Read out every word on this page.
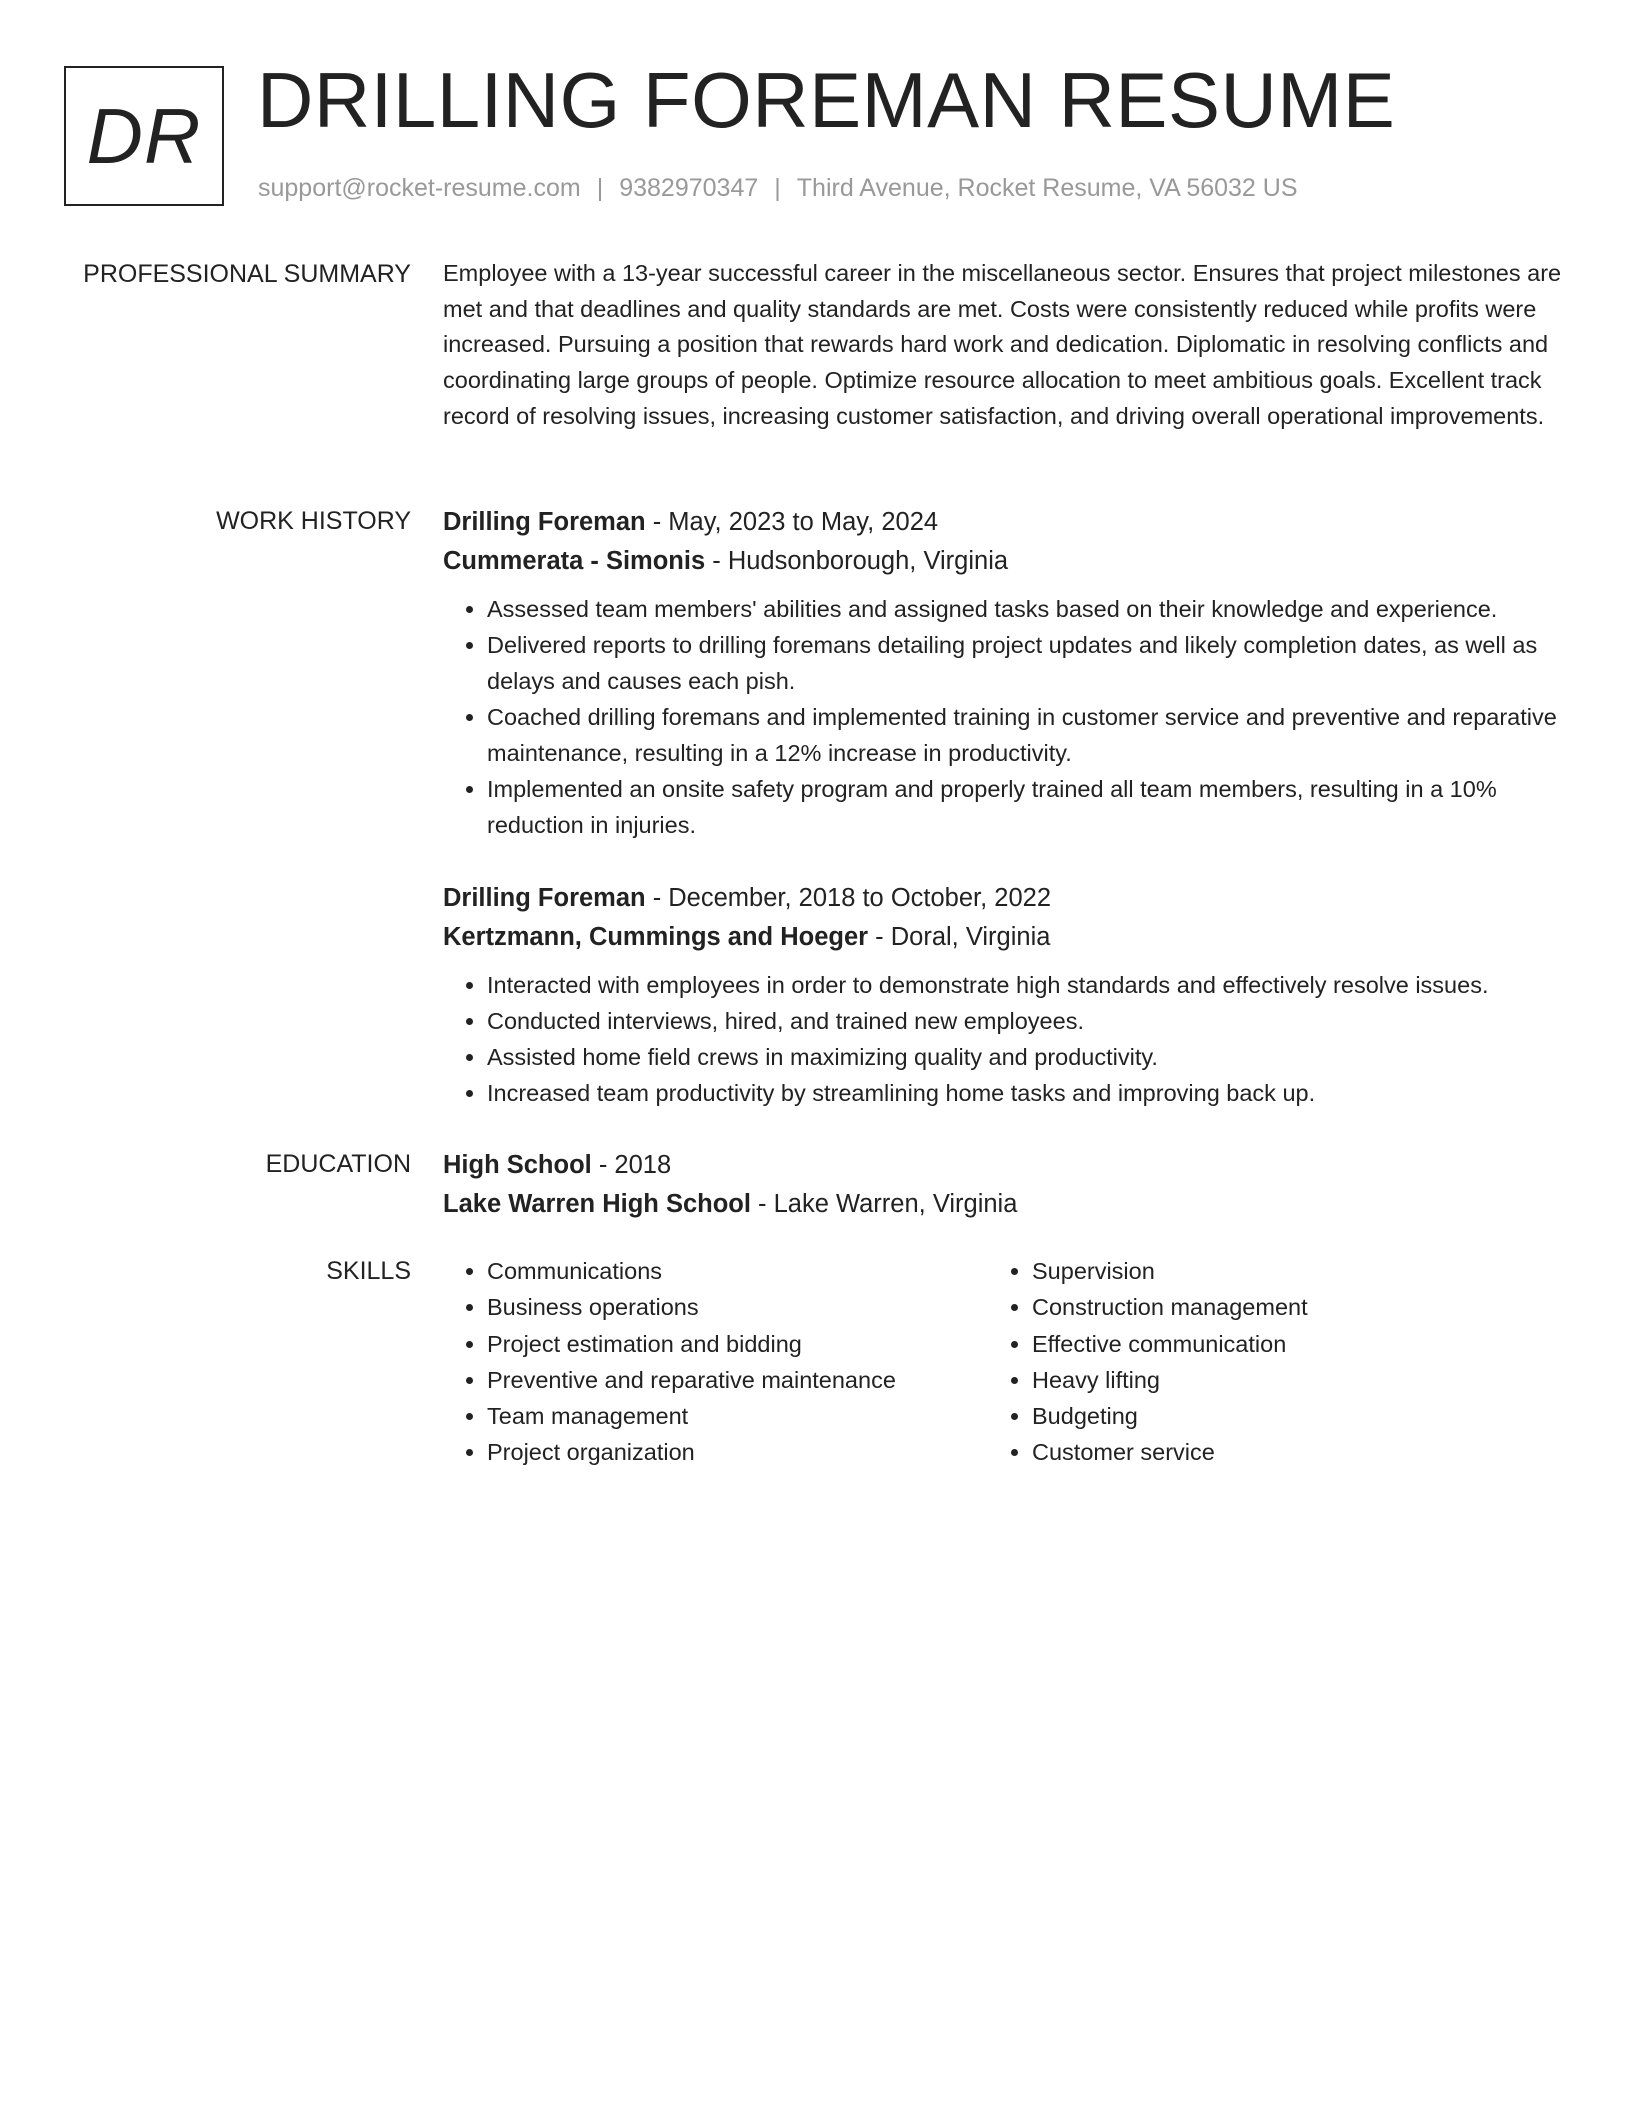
DR DRILLING FOREMAN RESUME
support@rocket-resume.com | 9382970347 | Third Avenue, Rocket Resume, VA 56032 US
PROFESSIONAL SUMMARY Employee with a 13-year successful career in the miscellaneous sector. Ensures that project milestones are met and that deadlines and quality standards are met. Costs were consistently reduced while profits were increased. Pursuing a position that rewards hard work and dedication. Diplomatic in resolving conflicts and coordinating large groups of people. Optimize resource allocation to meet ambitious goals. Excellent track record of resolving issues, increasing customer satisfaction, and driving overall operational improvements.

WORK HISTORY Drilling Foreman - May, 2023 to May, 2024
Cummerata - Simonis - Hudsonborough, Virginia
• Assessed team members' abilities and assigned tasks based on their knowledge and experience.
• Delivered reports to drilling foremans detailing project updates and likely completion dates, as well as delays and causes each pish.
• Coached drilling foremans and implemented training in customer service and preventive and reparative maintenance, resulting in a 12% increase in productivity.
• Implemented an onsite safety program and properly trained all team members, resulting in a 10% reduction in injuries.
Drilling Foreman - December, 2018 to October, 2022
Kertzmann, Cummings and Hoeger - Doral, Virginia
• Interacted with employees in order to demonstrate high standards and effectively resolve issues.
• Conducted interviews, hired, and trained new employees.
• Assisted home field crews in maximizing quality and productivity.
• Increased team productivity by streamlining home tasks and improving back up.
EDUCATION High School - 2018
Lake Warren High School - Lake Warren, Virginia
SKILLS
•	Communications
• Business operations
• Project estimation and bidding
• Preventive and reparative maintenance
• Team management
• Project organization
• Supervision
• Construction management
• Effective communication
• Heavy lifting
• Budgeting
• Customer service
